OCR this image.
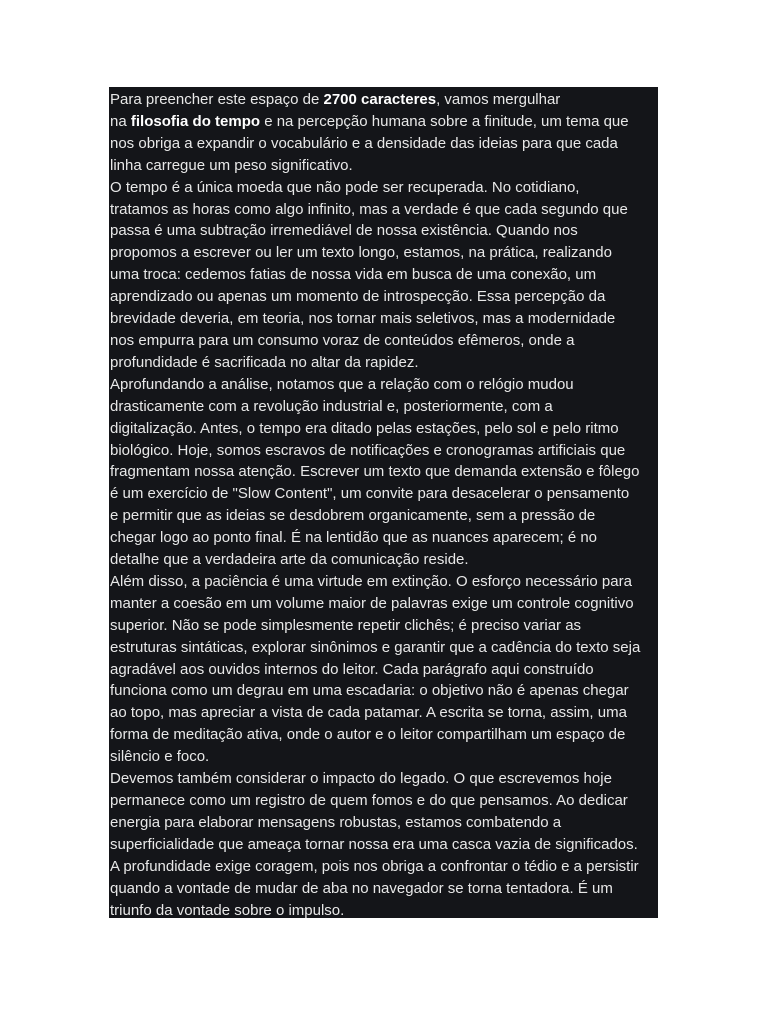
Para preencher este espaço de 2700 caracteres, vamos mergulhar
na filosofia do tempo e na percepção humana sobre a finitude, um tema que
nos obriga a expandir o vocabulário e a densidade das ideias para que cada
linha carregue um peso significativo.

O tempo é a única moeda que não pode ser recuperada. No cotidiano,
tratamos as horas como algo infinito, mas a verdade é que cada segundo que
passa é uma subtração irremediável de nossa existência. Quando nos
propomos a escrever ou ler um texto longo, estamos, na prática, realizando
uma troca: cedemos fatias de nossa vida em busca de uma conexão, um
aprendizado ou apenas um momento de introspecção. Essa percepção da
brevidade deveria, em teoria, nos tornar mais seletivos, mas a modernidade
nos empurra para um consumo voraz de conteúdos efêmeros, onde a
profundidade é sacrificada no altar da rapidez.

Aprofundando a análise, notamos que a relação com o relógio mudou
drasticamente com a revolução industrial e, posteriormente, com a
digitalização. Antes, o tempo era ditado pelas estações, pelo sol e pelo ritmo
biológico. Hoje, somos escravos de notificações e cronogramas artificiais que
fragmentam nossa atenção. Escrever um texto que demanda extensão e fôlego
é um exercício de "Slow Content", um convite para desacelerar o pensamento
e permitir que as ideias se desdobrem organicamente, sem a pressão de
chegar logo ao ponto final. É na lentidão que as nuances aparecem; é no
detalhe que a verdadeira arte da comunicação reside.

Além disso, a paciência é uma virtude em extinção. O esforço necessário para
manter a coesão em um volume maior de palavras exige um controle cognitivo
superior. Não se pode simplesmente repetir clichês; é preciso variar as
estruturas sintáticas, explorar sinônimos e garantir que a cadência do texto seja
agradável aos ouvidos internos do leitor. Cada parágrafo aqui construído
funciona como um degrau em uma escadaria: o objetivo não é apenas chegar
ao topo, mas apreciar a vista de cada patamar. A escrita se torna, assim, uma
forma de meditação ativa, onde o autor e o leitor compartilham um espaço de
silêncio e foco.

Devemos também considerar o impacto do legado. O que escrevemos hoje
permanece como um registro de quem fomos e do que pensamos. Ao dedicar
energia para elaborar mensagens robustas, estamos combatendo a
superficialidade que ameaça tornar nossa era uma casca vazia de significados.
A profundidade exige coragem, pois nos obriga a confrontar o tédio e a persistir
quando a vontade de mudar de aba no navegador se torna tentadora. É um
triunfo da vontade sobre o impulso.
